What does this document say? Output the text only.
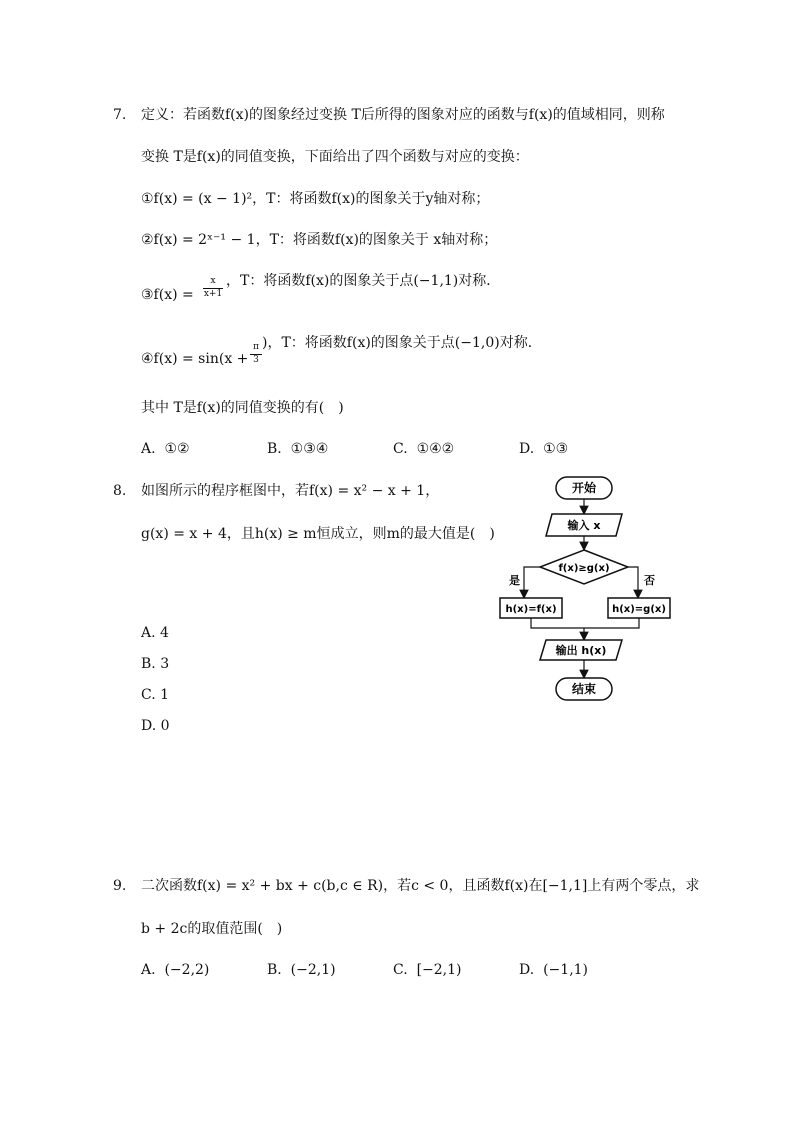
7. 定义：若函数f(x)的图象经过变换 T后所得的图象对应的函数与f(x)的值域相同，则称
变换 T是f(x)的同值变换，下面给出了四个函数与对应的变换：
①f(x) = (x − 1)²，T：将函数f(x)的图象关于y轴对称；
②f(x) = 2ˣ⁻¹ − 1，T：将函数f(x)的图象关于 x轴对称；
③f(x) =
x
x+1
，T：将函数f(x)的图象关于点(−1,1)对称．
④f(x) = sin(x +
π
3
)，T：将函数f(x)的图象关于点(−1,0)对称．
其中 T是f(x)的同值变换的有(　)
A. ①②	B. ①③④	C. ①④②	D. ①③
8. 如图所示的程序框图中，若f(x) = x² − x + 1，
g(x) = x + 4，且h(x) ≥ m恒成立，则m的最大值是(　)
A. 4
B. 3
C. 1
D. 0
开始
输入 x
f(x)≥g(x)
是	否
h(x)=f(x)	h(x)=g(x)
输出 h(x)
结束
9. 二次函数f(x) = x² + bx + c(b,c ∈ R)，若c < 0，且函数f(x)在[−1,1]上有两个零点，求
b + 2c的取值范围(　)
A. (−2,2)	B. (−2,1)	C. [−2,1)	D. (−1,1)
